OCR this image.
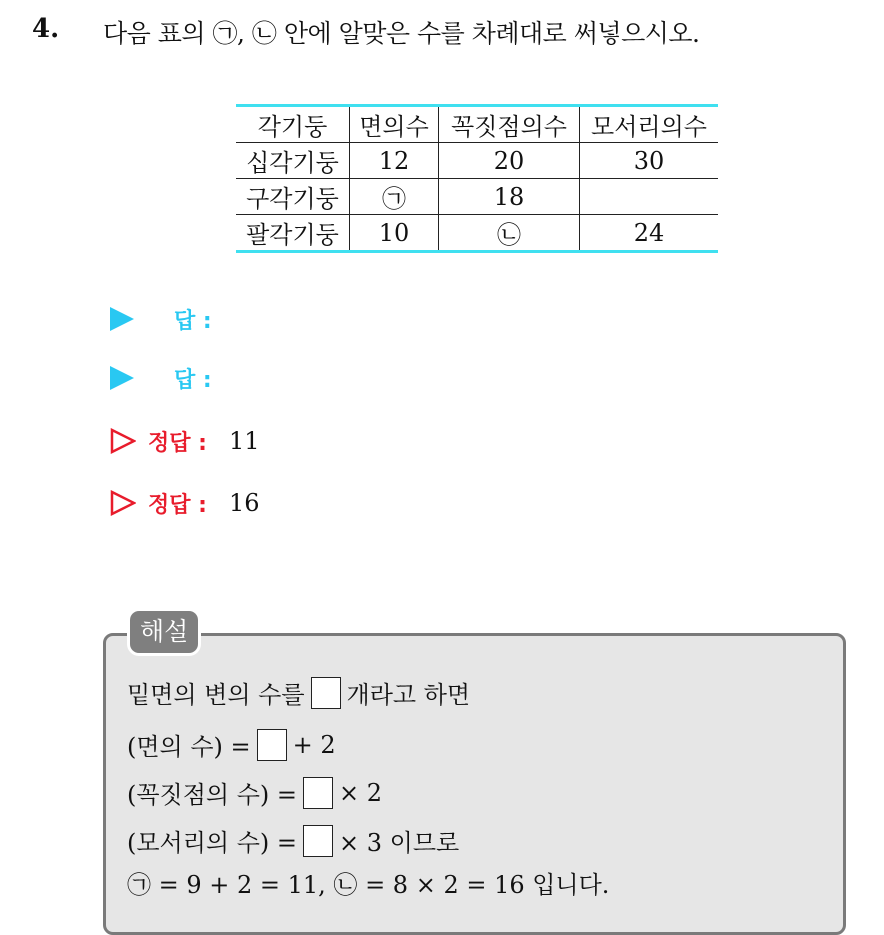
4. 다음 표의 ㉠, ㉡ 안에 알맞은 수를 차례대로 써넣으시오.
각기둥	면의수	꼭짓점의수	모서리의수
십각기둥	12	20	30
구각기둥	㉠	18	
팔각기둥	10	㉡	24
답 :
답 :
정답 : 11
정답 : 16
해설
밑면의 변의 수를 개라고 하면
(면의 수) = + 2
(꼭짓점의 수) = × 2
(모서리의 수) = × 3 이므로
㉠ = 9 + 2 = 11, ㉡ = 8 × 2 = 16 입니다.
